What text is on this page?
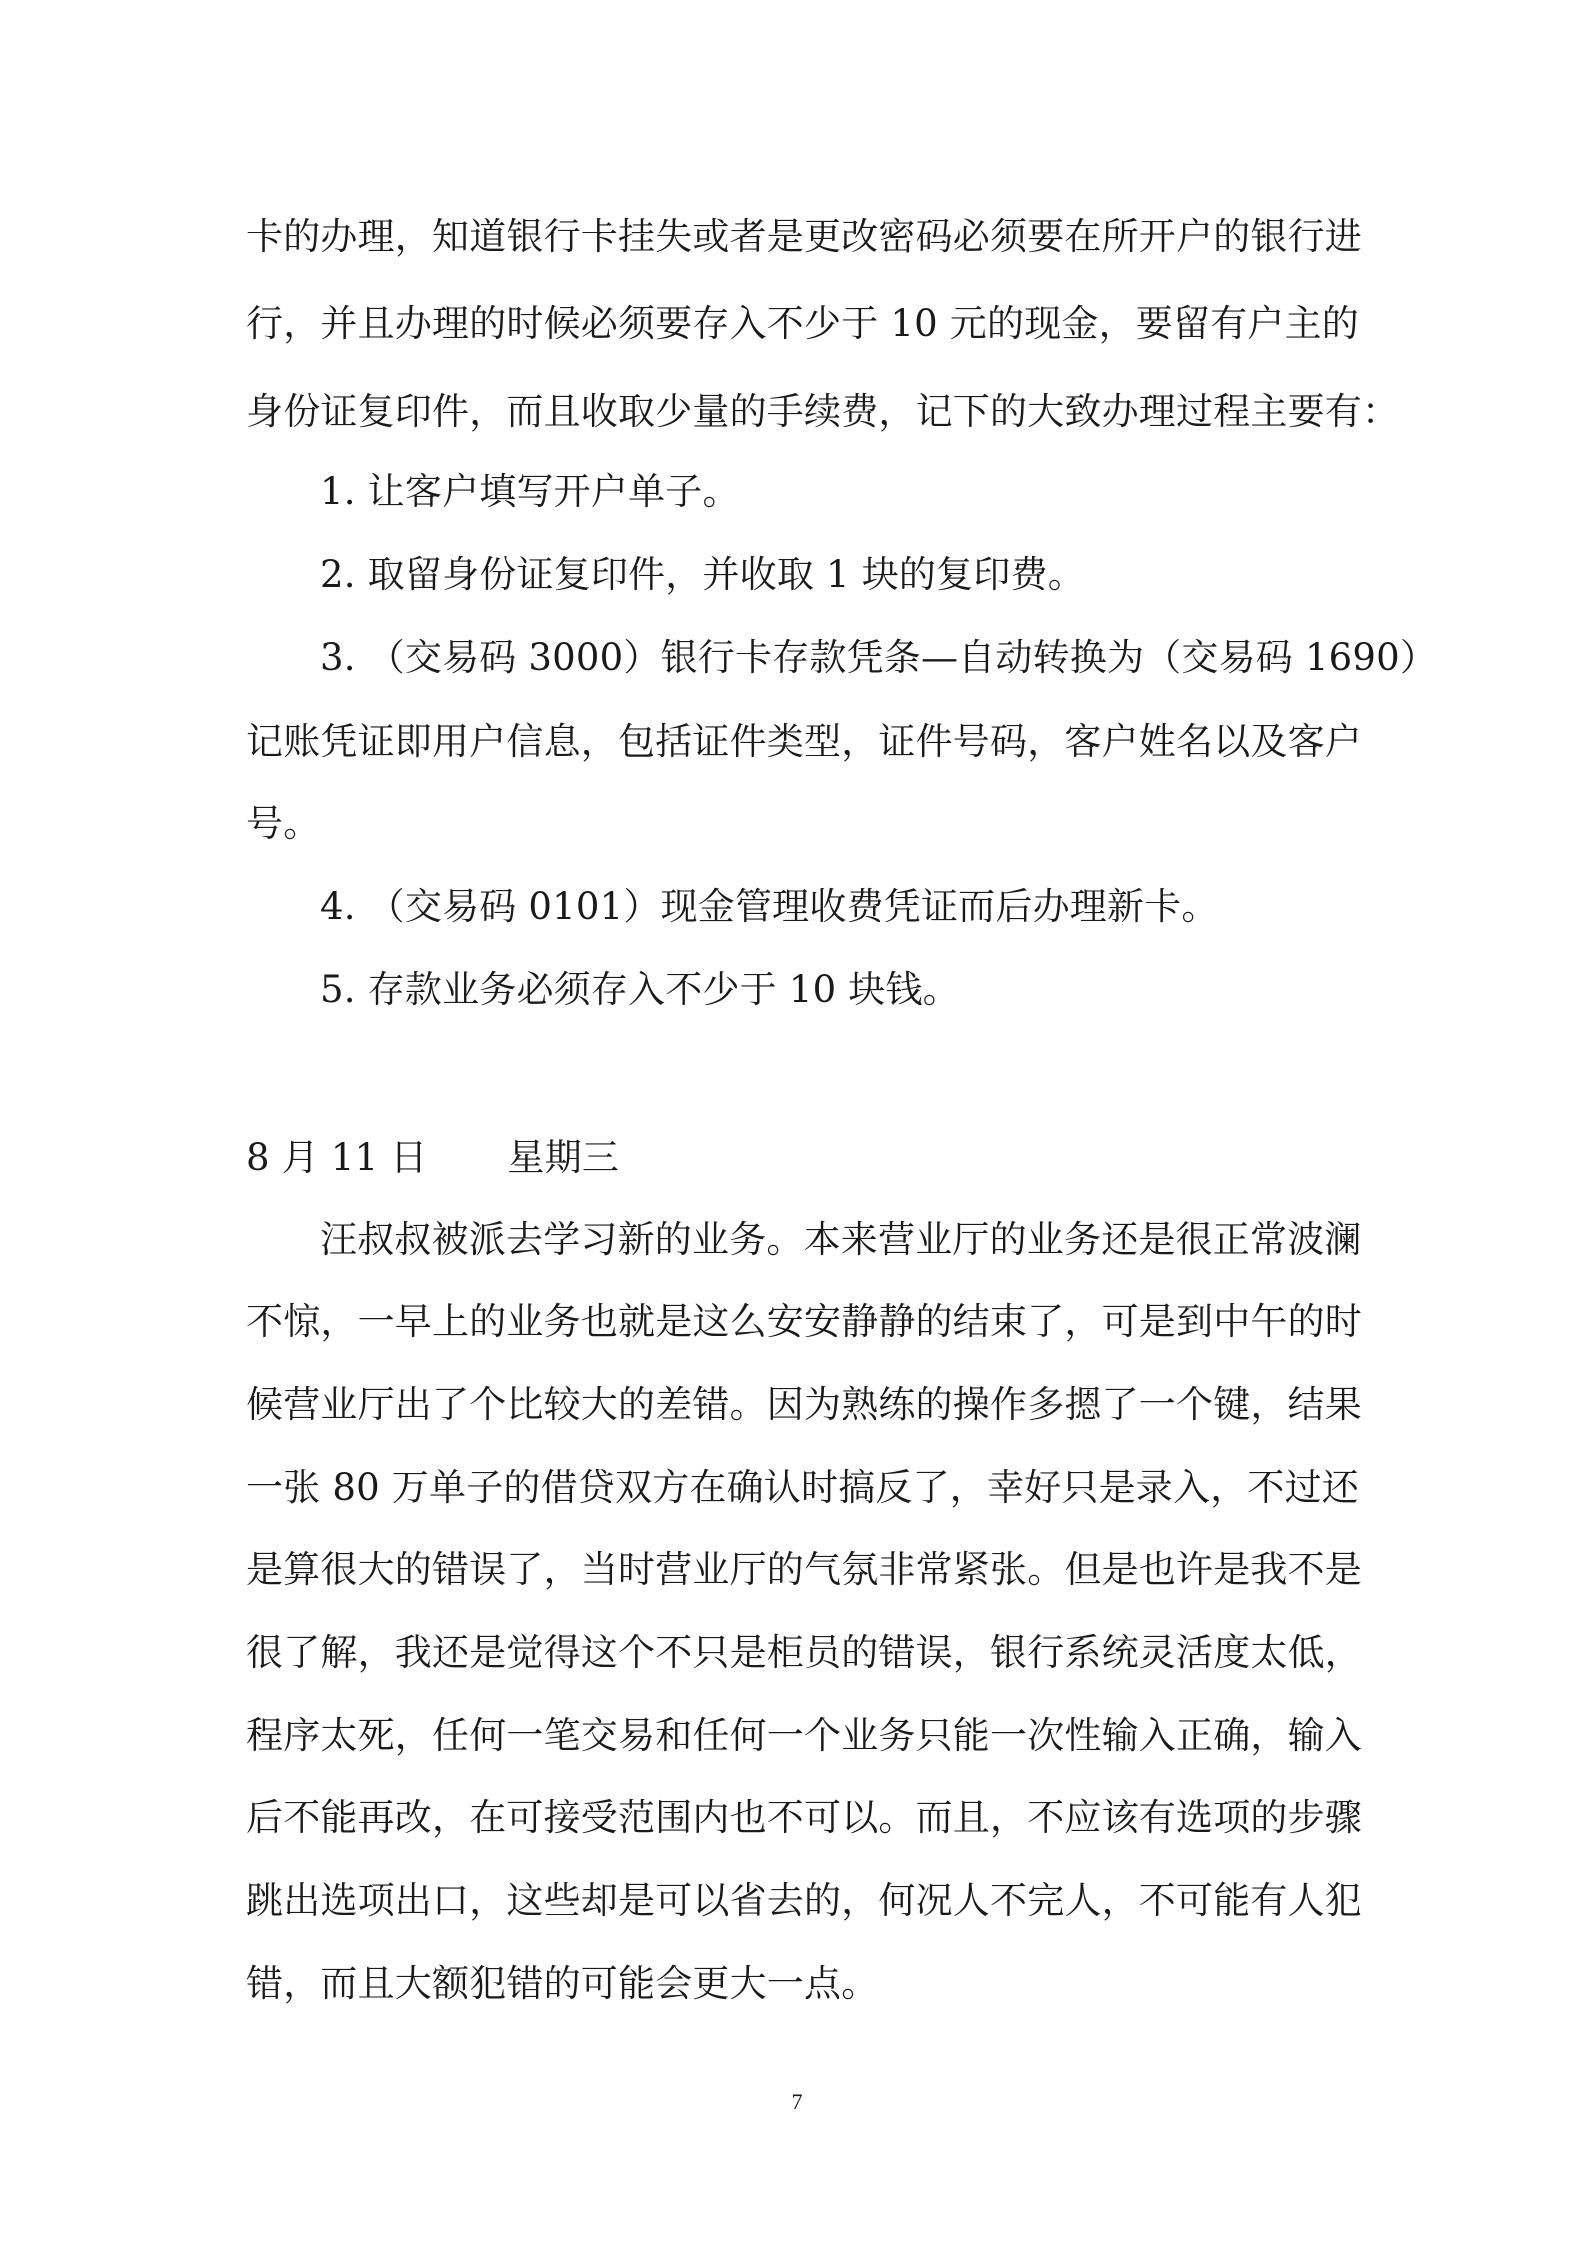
卡的办理，知道银行卡挂失或者是更改密码必须要在所开户的银行进
行，并且办理的时候必须要存入不少于 10 元的现金，要留有户主的
身份证复印件，而且收取少量的手续费，记下的大致办理过程主要有：
1. 让客户填写开户单子。
2. 取留身份证复印件，并收取 1 块的复印费。
3. （交易码 3000）银行卡存款凭条—自动转换为（交易码 1690）
记账凭证即用户信息，包括证件类型，证件号码，客户姓名以及客户
号。
4. （交易码 0101）现金管理收费凭证而后办理新卡。
5. 存款业务必须存入不少于 10 块钱。
8 月 11 日 星期三
汪叔叔被派去学习新的业务。本来营业厅的业务还是很正常波澜
不惊，一早上的业务也就是这么安安静静的结束了，可是到中午的时
候营业厅出了个比较大的差错。因为熟练的操作多摁了一个键，结果
一张 80 万单子的借贷双方在确认时搞反了，幸好只是录入，不过还
是算很大的错误了，当时营业厅的气氛非常紧张。但是也许是我不是
很了解，我还是觉得这个不只是柜员的错误，银行系统灵活度太低，
程序太死，任何一笔交易和任何一个业务只能一次性输入正确，输入
后不能再改，在可接受范围内也不可以。而且，不应该有选项的步骤
跳出选项出口，这些却是可以省去的，何况人不完人，不可能有人犯
错，而且大额犯错的可能会更大一点。
7
